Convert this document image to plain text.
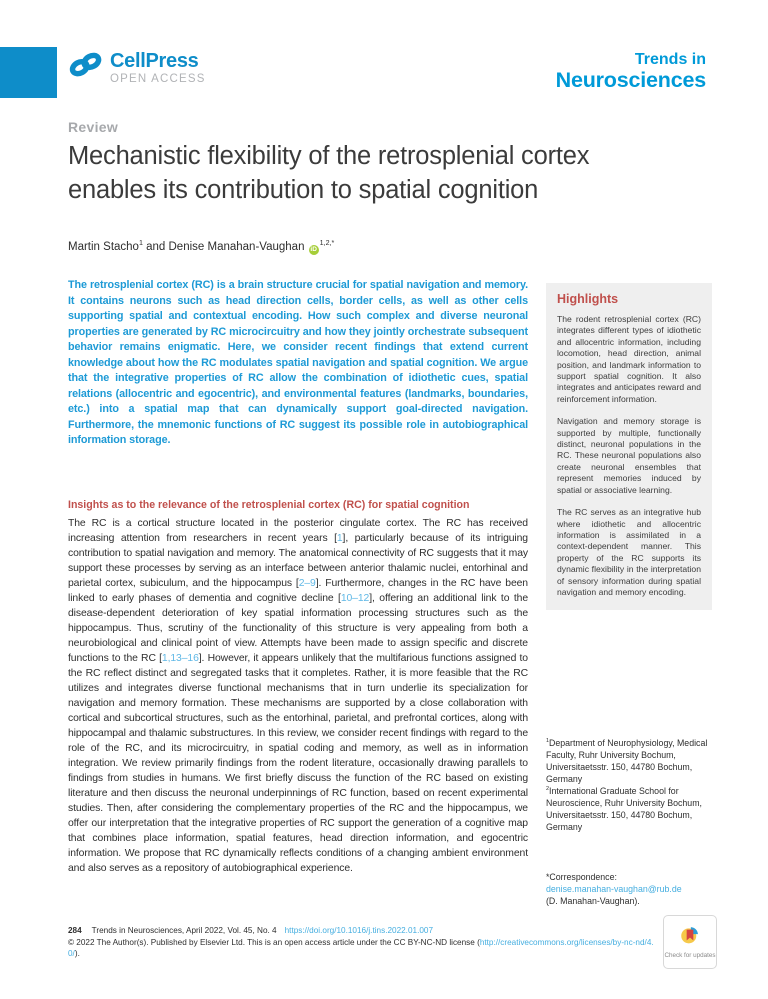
CellPress
OPEN ACCESS
Trends in
Neurosciences
Review
Mechanistic flexibility of the retrosplenial cortex
enables its contribution to spatial cognition
Martin Stacho$^1$ and Denise Manahan-Vaughan $iD^{1,2,*}$
The retrosplenial cortex (RC) is a brain structure crucial for spatial navigation and memory. It contains neurons such as head direction cells, border cells, as well as other cells supporting spatial and contextual encoding. How such complex and diverse neuronal properties are generated by RC microcircuitry and how they jointly orchestrate subsequent behavior remains enigmatic. Here, we consider recent findings that extend current knowledge about how the RC modulates spatial navigation and spatial cognition. We argue that the integrative properties of RC allow the combination of idiothetic cues, spatial relations (allocentric and egocentric), and environmental features (landmarks, boundaries, etc.) into a spatial map that can dynamically support goal-directed navigation. Furthermore, the mnemonic functions of RC suggest its possible role in autobiographical information storage.
Insights as to the relevance of the retrosplenial cortex (RC) for spatial cognition
The RC is a cortical structure located in the posterior cingulate cortex. The RC has received increasing attention from researchers in recent years [1], particularly because of its intriguing contribution to spatial navigation and memory. The anatomical connectivity of RC suggests that it may support these processes by serving as an interface between anterior thalamic nuclei, entorhinal and parietal cortex, subiculum, and the hippocampus [2–9]. Furthermore, changes in the RC have been linked to early phases of dementia and cognitive decline [10–12], offering an additional link to the disease-dependent deterioration of key spatial information processing structures such as the hippocampus. Thus, scrutiny of the functionality of this structure is very appealing from both a neurobiological and clinical point of view. Attempts have been made to assign specific and discrete functions to the RC [1,13–16]. However, it appears unlikely that the multifarious functions assigned to the RC reflect distinct and segregated tasks that it completes. Rather, it is more feasible that the RC utilizes and integrates diverse functional mechanisms that in turn underlie its specialization for navigation and memory formation. These mechanisms are supported by a close collaboration with cortical and subcortical structures, such as the entorhinal, parietal, and prefrontal cortices, along with hippocampal and thalamic substructures. In this review, we consider recent findings with regard to the role of the RC, and its microcircuitry, in spatial coding and memory, as well as in information integration. We review primarily findings from the rodent literature, occasionally drawing parallels to findings from studies in humans. We first briefly discuss the function of the RC based on existing literature and then discuss the neuronal underpinnings of RC function, based on recent experimental studies. Then, after considering the complementary properties of the RC and the hippocampus, we offer our interpretation that the integrative properties of RC support the generation of a cognitive map that combines place information, spatial features, head direction information, and egocentric information. We propose that RC dynamically reflects conditions of a changing ambient environment and also serves as a repository of autobiographical experience.
Highlights

The rodent retrosplenial cortex (RC) integrates different types of idiothetic and allocentric information, including locomotion, head direction, animal position, and landmark information to support spatial cognition. It also integrates and anticipates reward and reinforcement information.

Navigation and memory storage is supported by multiple, functionally distinct, neuronal populations in the RC. These neuronal populations also create neuronal ensembles that represent memories induced by spatial or associative learning.

The RC serves as an integrative hub where idiothetic and allocentric information is assimilated in a context-dependent manner. This property of the RC supports its dynamic flexibility in the interpretation of sensory information during spatial navigation and memory encoding.

$^1$Department of Neurophysiology, Medical Faculty, Ruhr University Bochum, Universitaetsstr. 150, 44780 Bochum, Germany
$^2$International Graduate School for Neuroscience, Ruhr University Bochum, Universitaetsstr. 150, 44780 Bochum, Germany
*Correspondence:
denise.manahan-vaughan@rub.de
(D. Manahan-Vaughan).
284 Trends in Neurosciences, April 2022, Vol. 45, No. 4 https://doi.org/10.1016/j.tins.2022.01.007
© 2022 The Author(s). Published by Elsevier Ltd. This is an open access article under the CC BY-NC-ND license (http://creativecommons.org/licenses/by-nc-nd/4.0/).	Check for updates
